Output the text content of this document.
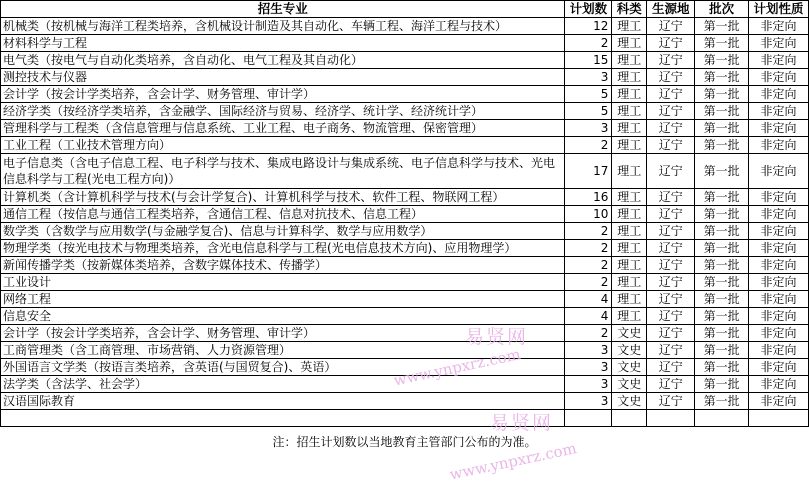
招生专业	计划数	科类	生源地	批次	计划性质
机械类（按机械与海洋工程类培养，含机械设计制造及其自动化、车辆工程、海洋工程与技术）	12	理工	辽宁	第一批	非定向
材料科学与工程	2	理工	辽宁	第一批	非定向
电气类（按电气与自动化类培养，含自动化、电气工程及其自动化）	15	理工	辽宁	第一批	非定向
测控技术与仪器	3	理工	辽宁	第一批	非定向
会计学（按会计学类培养，含会计学、财务管理、审计学）	5	理工	辽宁	第一批	非定向
经济学类（按经济学类培养，含金融学、国际经济与贸易、经济学、统计学、经济统计学）	5	理工	辽宁	第一批	非定向
管理科学与工程类（含信息管理与信息系统、工业工程、电子商务、物流管理、保密管理）	3	理工	辽宁	第一批	非定向
工业工程（工业技术管理方向）	2	理工	辽宁	第一批	非定向
电子信息类（含电子信息工程、电子科学与技术、集成电路设计与集成系统、电子信息科学与技术、光电信息科学与工程(光电工程方向)）	17	理工	辽宁	第一批	非定向
计算机类（含计算机科学与技术(与会计学复合)、计算机科学与技术、软件工程、物联网工程）	16	理工	辽宁	第一批	非定向
通信工程（按信息与通信工程类培养，含通信工程、信息对抗技术、信息工程）	10	理工	辽宁	第一批	非定向
数学类（含数学与应用数学(与金融学复合)、信息与计算科学、数学与应用数学）	2	理工	辽宁	第一批	非定向
物理学类（按光电技术与物理类培养，含光电信息科学与工程(光电信息技术方向)、应用物理学）	2	理工	辽宁	第一批	非定向
新闻传播学类（按新媒体类培养，含数字媒体技术、传播学）	2	理工	辽宁	第一批	非定向
工业设计	2	理工	辽宁	第一批	非定向
网络工程	4	理工	辽宁	第一批	非定向
信息安全	4	理工	辽宁	第一批	非定向
会计学（按会计学类培养，含会计学、财务管理、审计学）	2	文史	辽宁	第一批	非定向
工商管理类（含工商管理、市场营销、人力资源管理）	3	文史	辽宁	第一批	非定向
外国语言文学类（按语言类培养，含英语(与国贸复合)、英语）	3	文史	辽宁	第一批	非定向
法学类（含法学、社会学）	3	文史	辽宁	第一批	非定向
汉语国际教育	3	文史	辽宁	第一批	非定向

注：招生计划数以当地教育主管部门公布的为准。					
易贤网
www.ynpxrz.com
易贤网
www.ynpxrz.com
